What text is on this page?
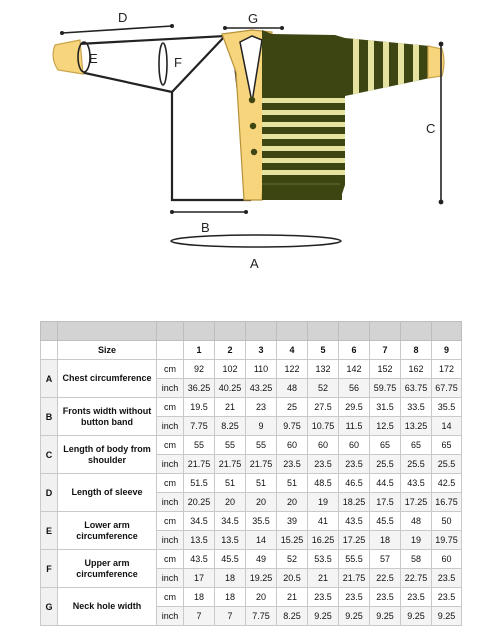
D	G
C
B
A
E	F

	Size		1	2	3	4	5	6	7	8	9
A	Chest circumference	cm	92	102	110	122	132	142	152	162	172
		inch	36.25	40.25	43.25	48	52	56	59.75	63.75	67.75
B	Fronts width without button band	cm	19.5	21	23	25	27.5	29.5	31.5	33.5	35.5
		inch	7.75	8.25	9	9.75	10.75	11.5	12.5	13.25	14
C	Length of body from shoulder	cm	55	55	55	60	60	60	65	65	65
		inch	21.75	21.75	21.75	23.5	23.5	23.5	25.5	25.5	25.5
D	Length of sleeve	cm	51.5	51	51	51	48.5	46.5	44.5	43.5	42.5
		inch	20.25	20	20	20	19	18.25	17.5	17.25	16.75
E	Lower arm circumference	cm	34.5	34.5	35.5	39	41	43.5	45.5	48	50
		inch	13.5	13.5	14	15.25	16.25	17.25	18	19	19.75
F	Upper arm circumference	cm	43.5	45.5	49	52	53.5	55.5	57	58	60
		inch	17	18	19.25	20.5	21	21.75	22.5	22.75	23.5
G	Neck hole width	cm	18	18	20	21	23.5	23.5	23.5	23.5	23.5
		inch	7	7	7.75	8.25	9.25	9.25	9.25	9.25	9.25
